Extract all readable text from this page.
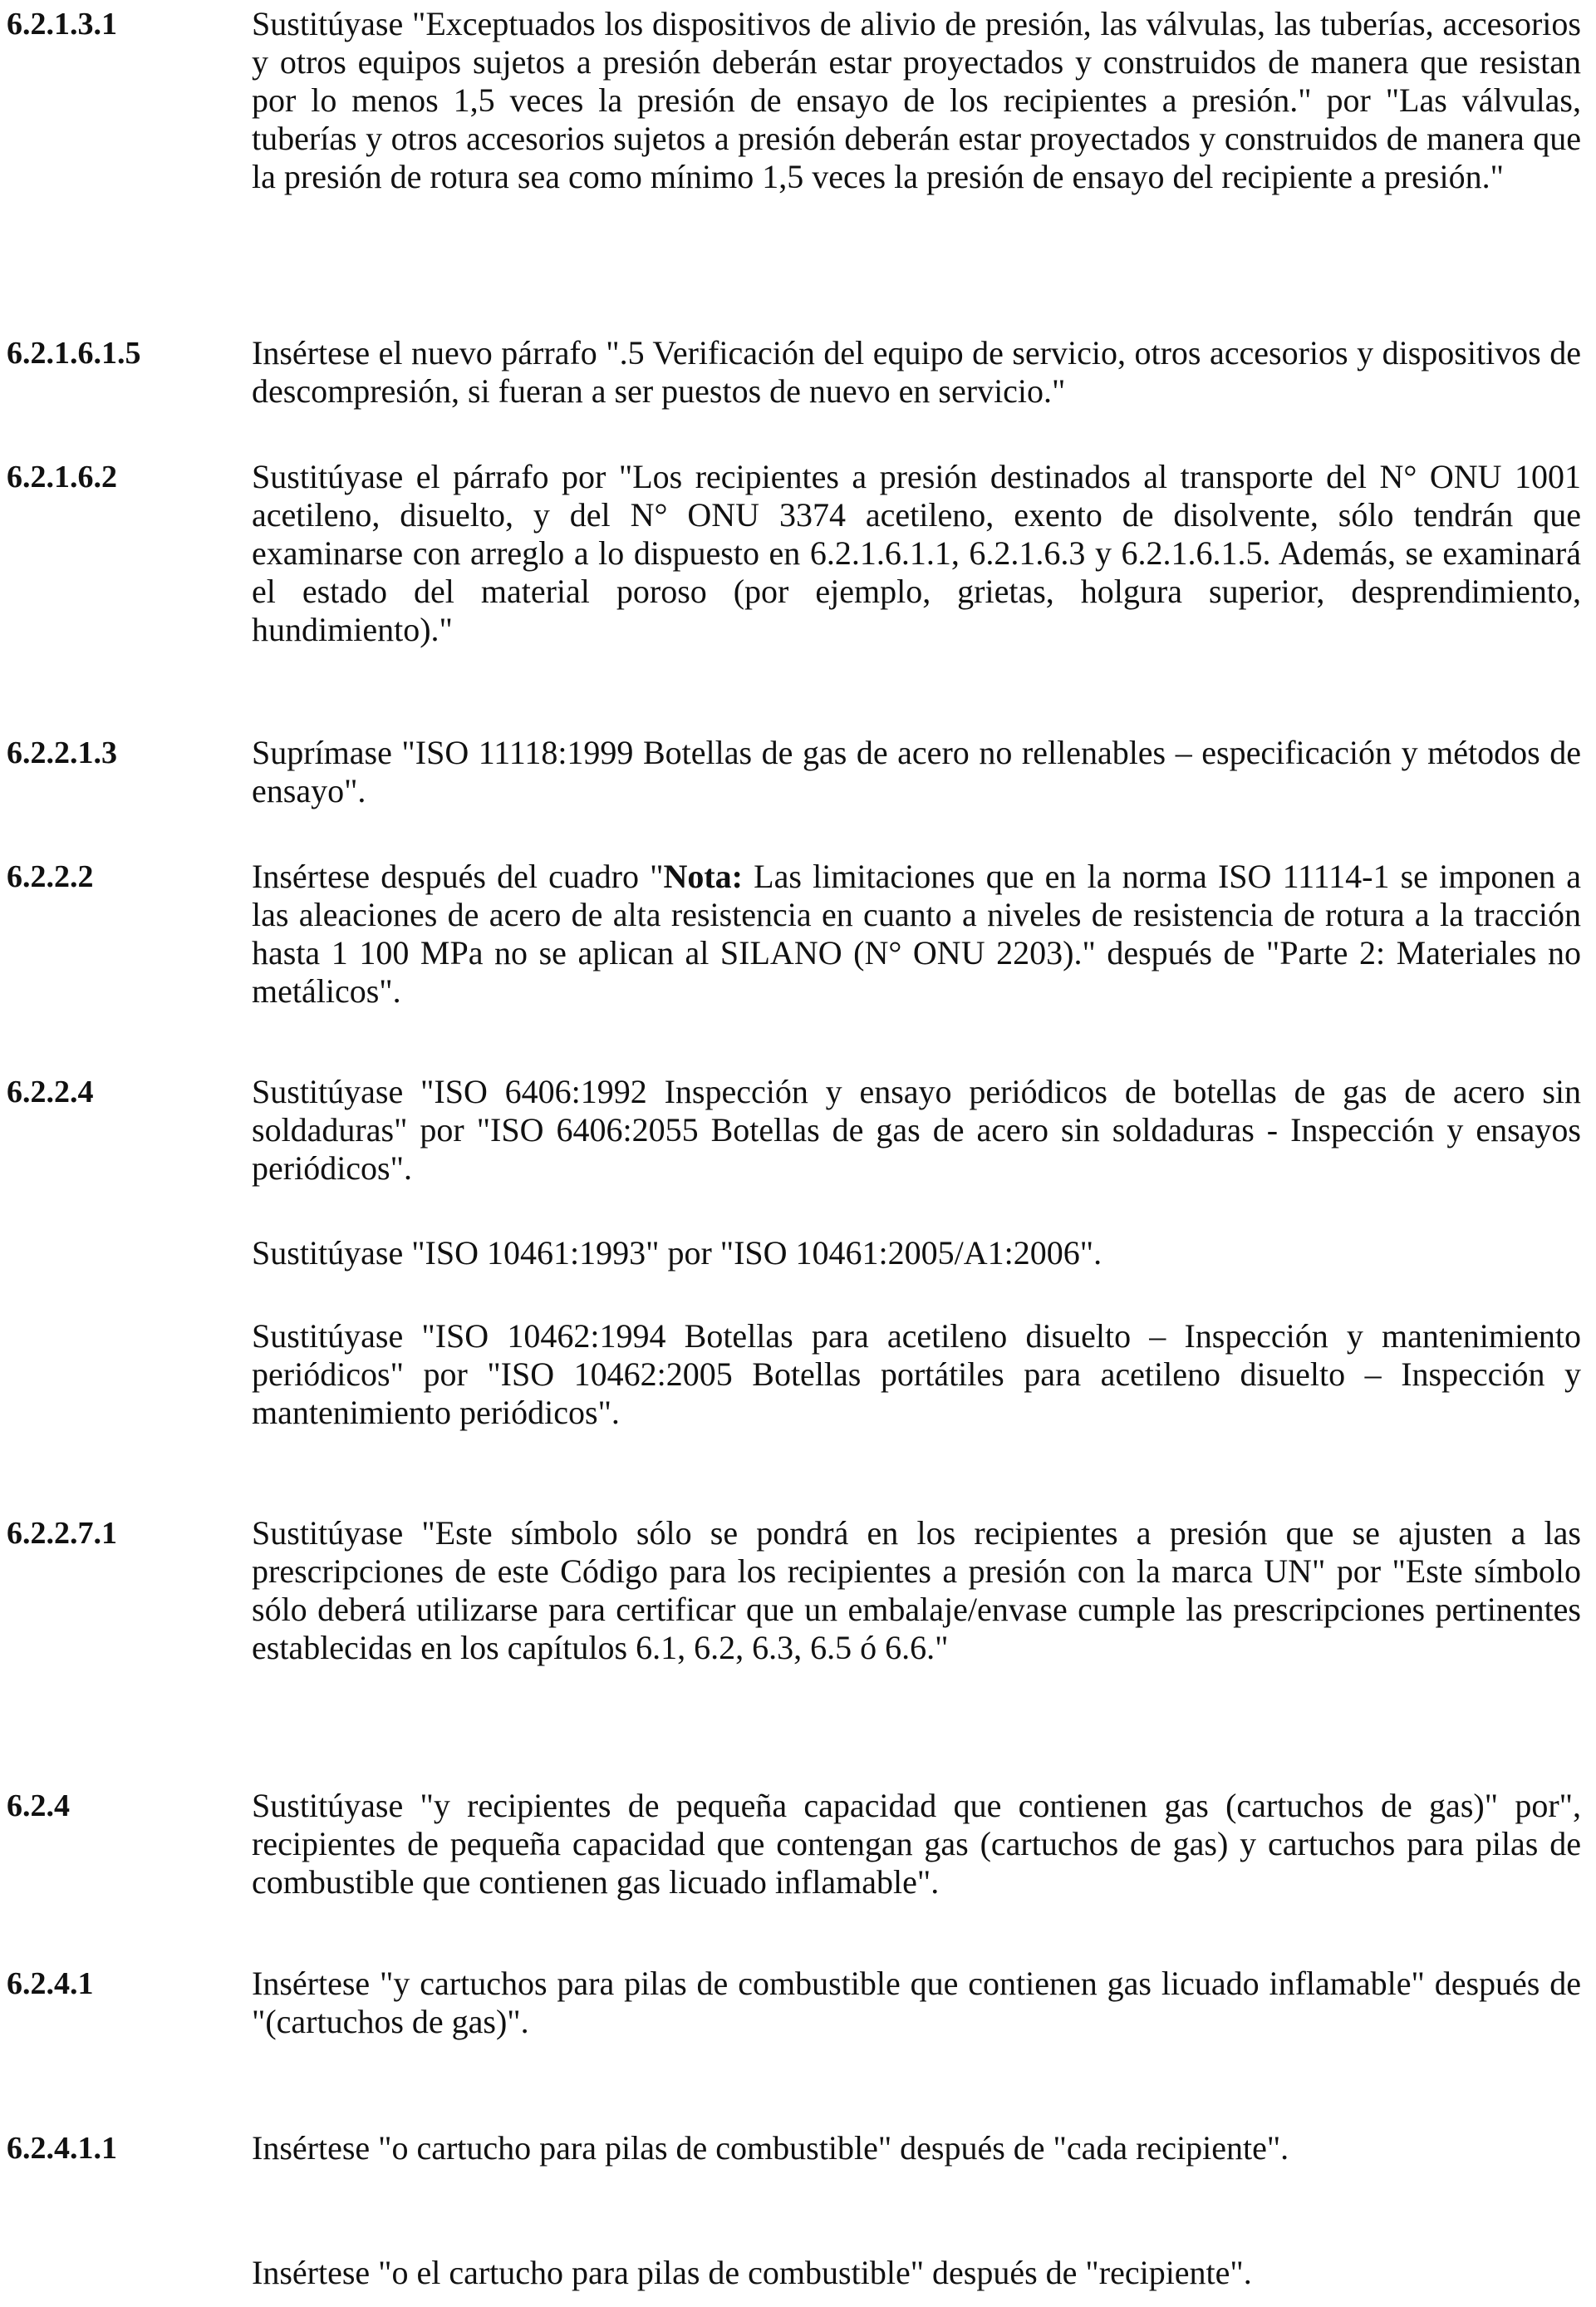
6.2.1.3.1	Sustitúyase "Exceptuados los dispositivos de alivio de presión, las válvulas, las tuberías, accesorios y otros equipos sujetos a presión deberán estar proyectados y construidos de manera que resistan por lo menos 1,5 veces la presión de ensayo de los recipientes a presión." por "Las válvulas, tuberías y otros accesorios sujetos a presión deberán estar proyectados y construidos de manera que la presión de rotura sea como mínimo 1,5 veces la presión de ensayo del recipiente a presión."

6.2.1.6.1.5	Insértese el nuevo párrafo ".5 Verificación del equipo de servicio, otros accesorios y dispositivos de descompresión, si fueran a ser puestos de nuevo en servicio."

6.2.1.6.2	Sustitúyase el párrafo por "Los recipientes a presión destinados al transporte del N° ONU 1001 acetileno, disuelto, y del N° ONU 3374 acetileno, exento de disolvente, sólo tendrán que examinarse con arreglo a lo dispuesto en 6.2.1.6.1.1, 6.2.1.6.3 y 6.2.1.6.1.5. Además, se examinará el estado del material poroso (por ejemplo, grietas, holgura superior, desprendimiento, hundimiento)."

6.2.2.1.3	Suprímase "ISO 11118:1999 Botellas de gas de acero no rellenables – especificación y métodos de ensayo".

6.2.2.2	Insértese después del cuadro "Nota: Las limitaciones que en la norma ISO 11114-1 se imponen a las aleaciones de acero de alta resistencia en cuanto a niveles de resistencia de rotura a la tracción hasta 1 100 MPa no se aplican al SILANO (N° ONU 2203)." después de "Parte 2: Materiales no metálicos".

6.2.2.4	Sustitúyase "ISO 6406:1992 Inspección y ensayo periódicos de botellas de gas de acero sin soldaduras" por "ISO 6406:2055 Botellas de gas de acero sin soldaduras - Inspección y ensayos periódicos".

Sustitúyase "ISO 10461:1993" por "ISO 10461:2005/A1:2006".

Sustitúyase "ISO 10462:1994 Botellas para acetileno disuelto – Inspección y mantenimiento periódicos" por "ISO 10462:2005 Botellas portátiles para acetileno disuelto – Inspección y mantenimiento periódicos".

6.2.2.7.1	Sustitúyase "Este símbolo sólo se pondrá en los recipientes a presión que se ajusten a las prescripciones de este Código para los recipientes a presión con la marca UN" por "Este símbolo sólo deberá utilizarse para certificar que un embalaje/envase cumple las prescripciones pertinentes establecidas en los capítulos 6.1, 6.2, 6.3, 6.5 ó 6.6."

6.2.4	Sustitúyase "y recipientes de pequeña capacidad que contienen gas (cartuchos de gas)" por", recipientes de pequeña capacidad que contengan gas (cartuchos de gas) y cartuchos para pilas de combustible que contienen gas licuado inflamable".

6.2.4.1	Insértese "y cartuchos para pilas de combustible que contienen gas licuado inflamable" después de "(cartuchos de gas)".

6.2.4.1.1	Insértese "o cartucho para pilas de combustible" después de "cada recipiente".

Insértese "o el cartucho para pilas de combustible" después de "recipiente".
